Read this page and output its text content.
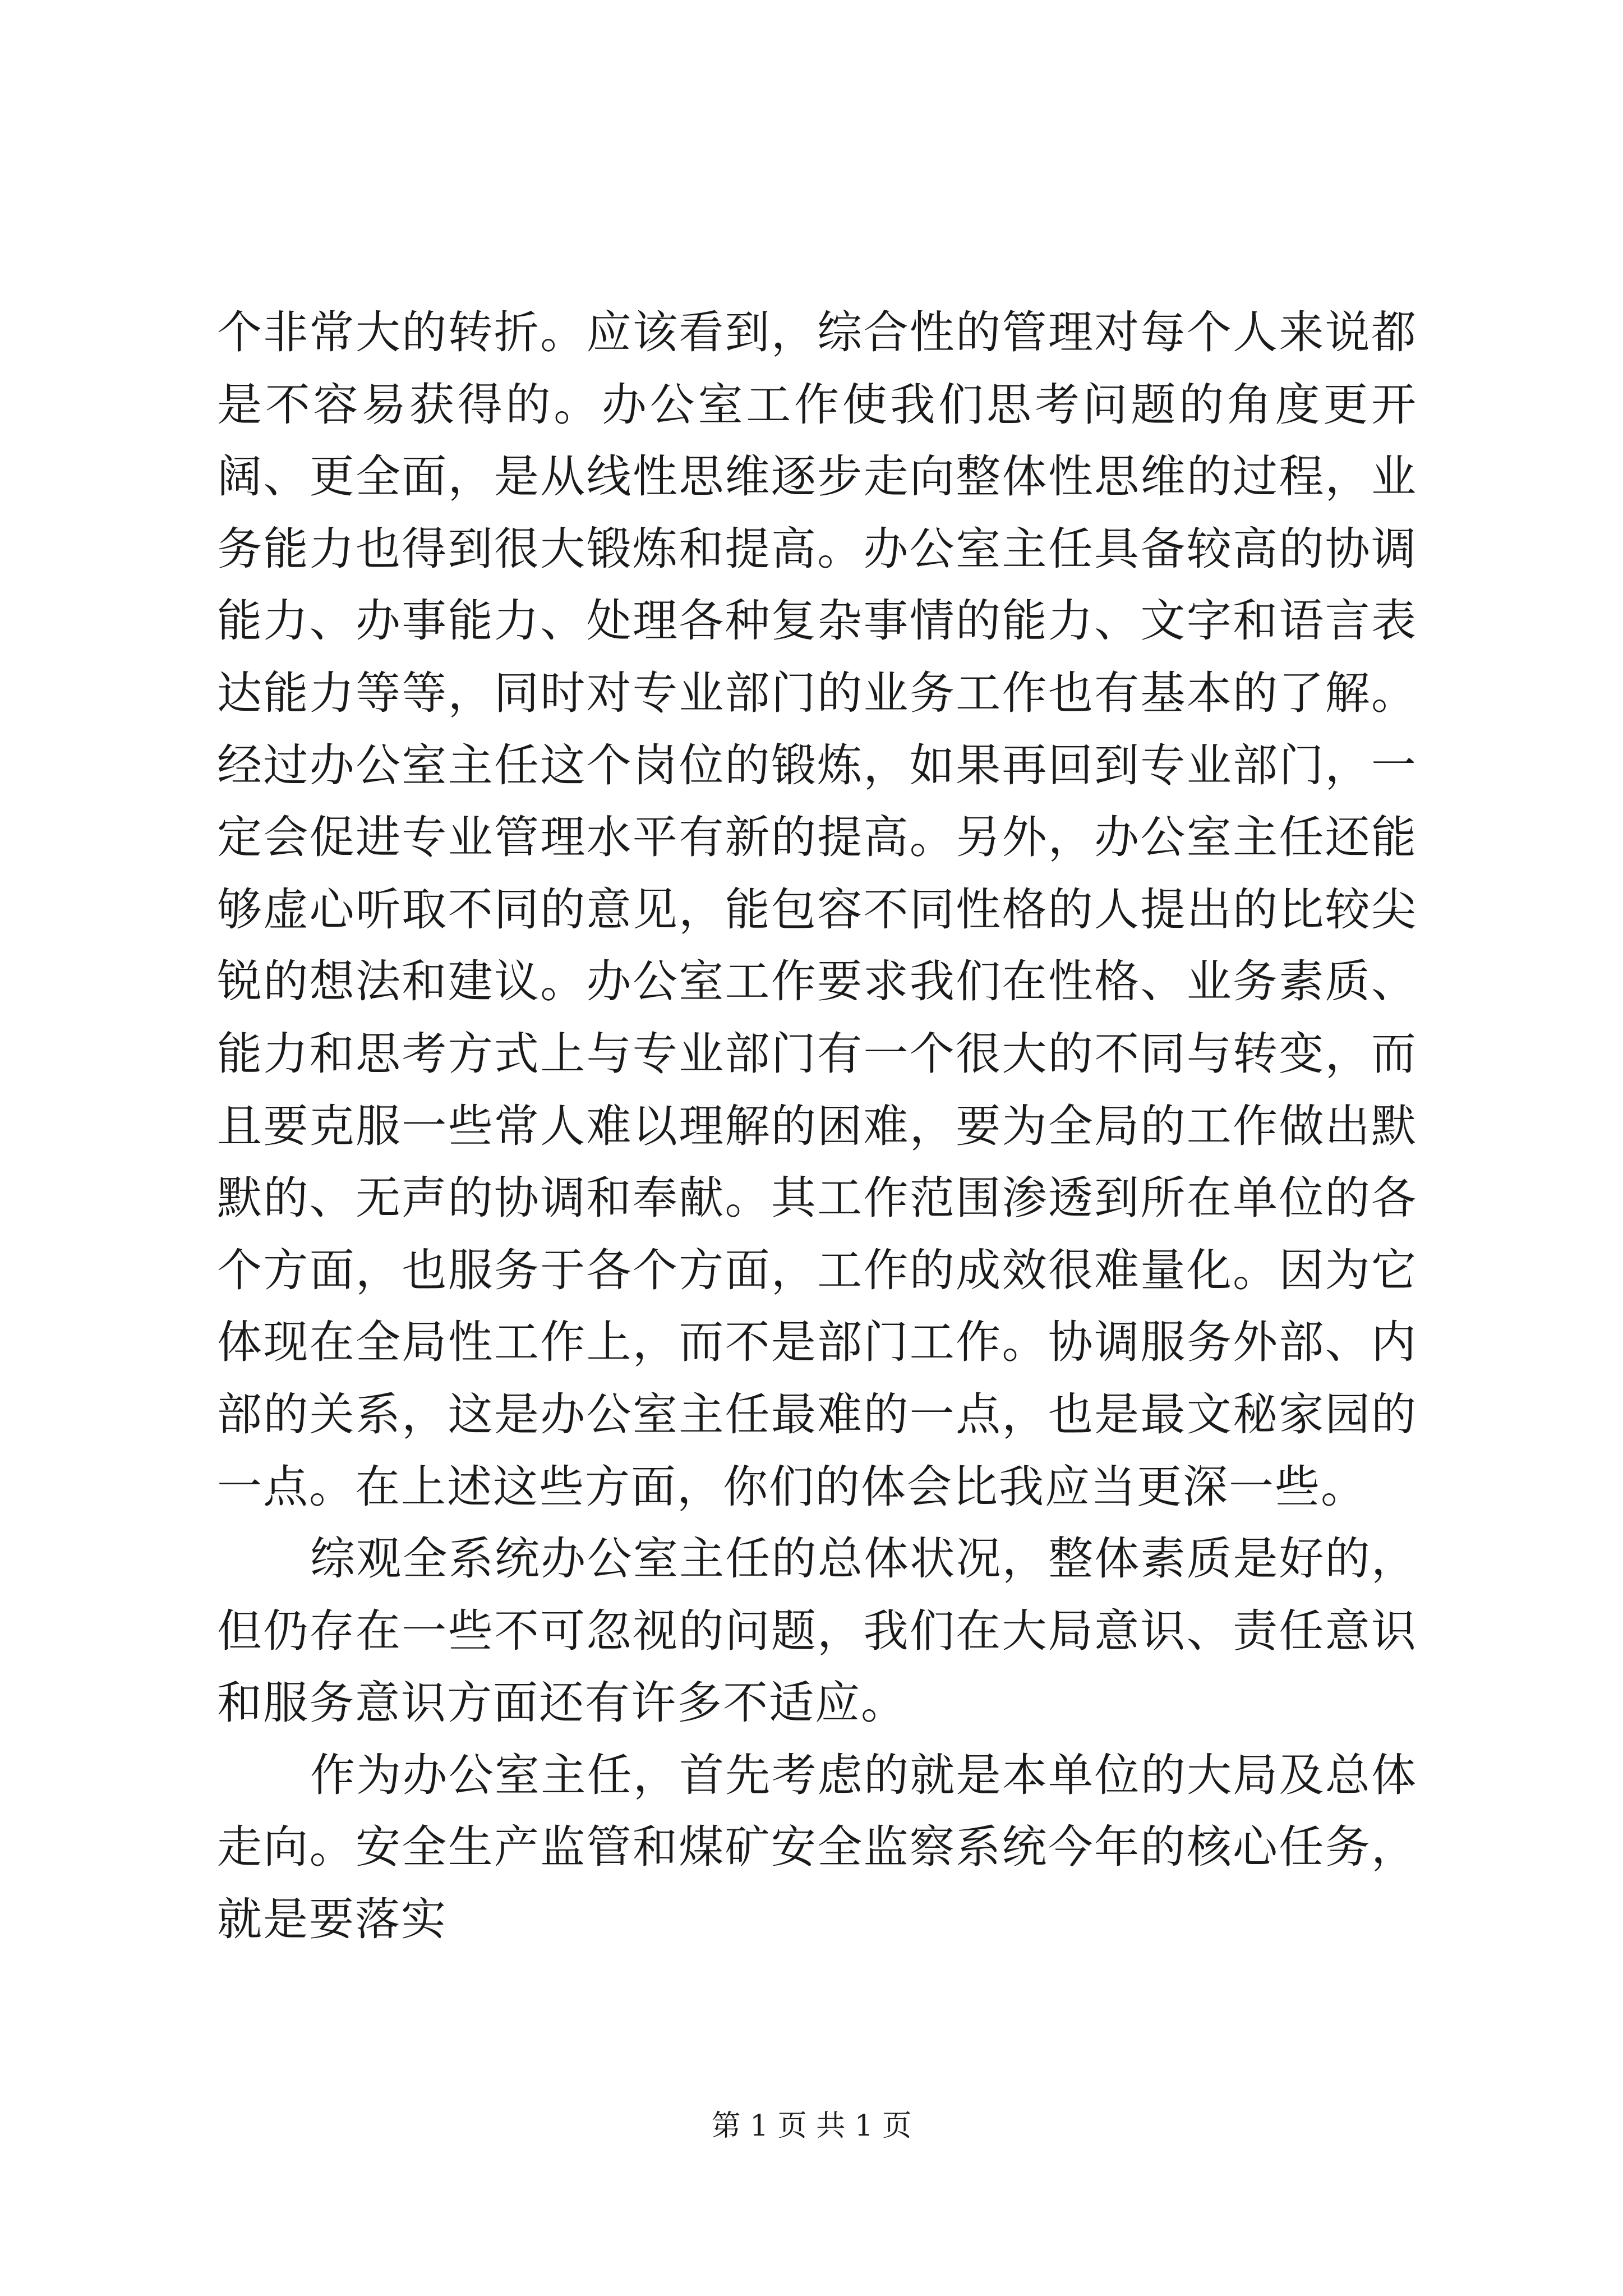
个非常大的转折。应该看到，综合性的管理对每个人来说都是不容易获得的。办公室工作使我们思考问题的角度更开阔、更全面，是从线性思维逐步走向整体性思维的过程，业务能力也得到很大锻炼和提高。办公室主任具备较高的协调能力、办事能力、处理各种复杂事情的能力、文字和语言表达能力等等，同时对专业部门的业务工作也有基本的了解。经过办公室主任这个岗位的锻炼，如果再回到专业部门，一定会促进专业管理水平有新的提高。另外，办公室主任还能够虚心听取不同的意见，能包容不同性格的人提出的比较尖锐的想法和建议。办公室工作要求我们在性格、业务素质、能力和思考方式上与专业部门有一个很大的不同与转变，而且要克服一些常人难以理解的困难，要为全局的工作做出默默的、无声的协调和奉献。其工作范围渗透到所在单位的各个方面，也服务于各个方面，工作的成效很难量化。因为它体现在全局性工作上，而不是部门工作。协调服务外部、内部的关系，这是办公室主任最难的一点，也是最文秘家园的一点。在上述这些方面，你们的体会比我应当更深一些。

综观全系统办公室主任的总体状况，整体素质是好的，但仍存在一些不可忽视的问题，我们在大局意识、责任意识和服务意识方面还有许多不适应。

作为办公室主任，首先考虑的就是本单位的大局及总体走向。安全生产监管和煤矿安全监察系统今年的核心任务，就是要落实

第 1 页 共 1 页
